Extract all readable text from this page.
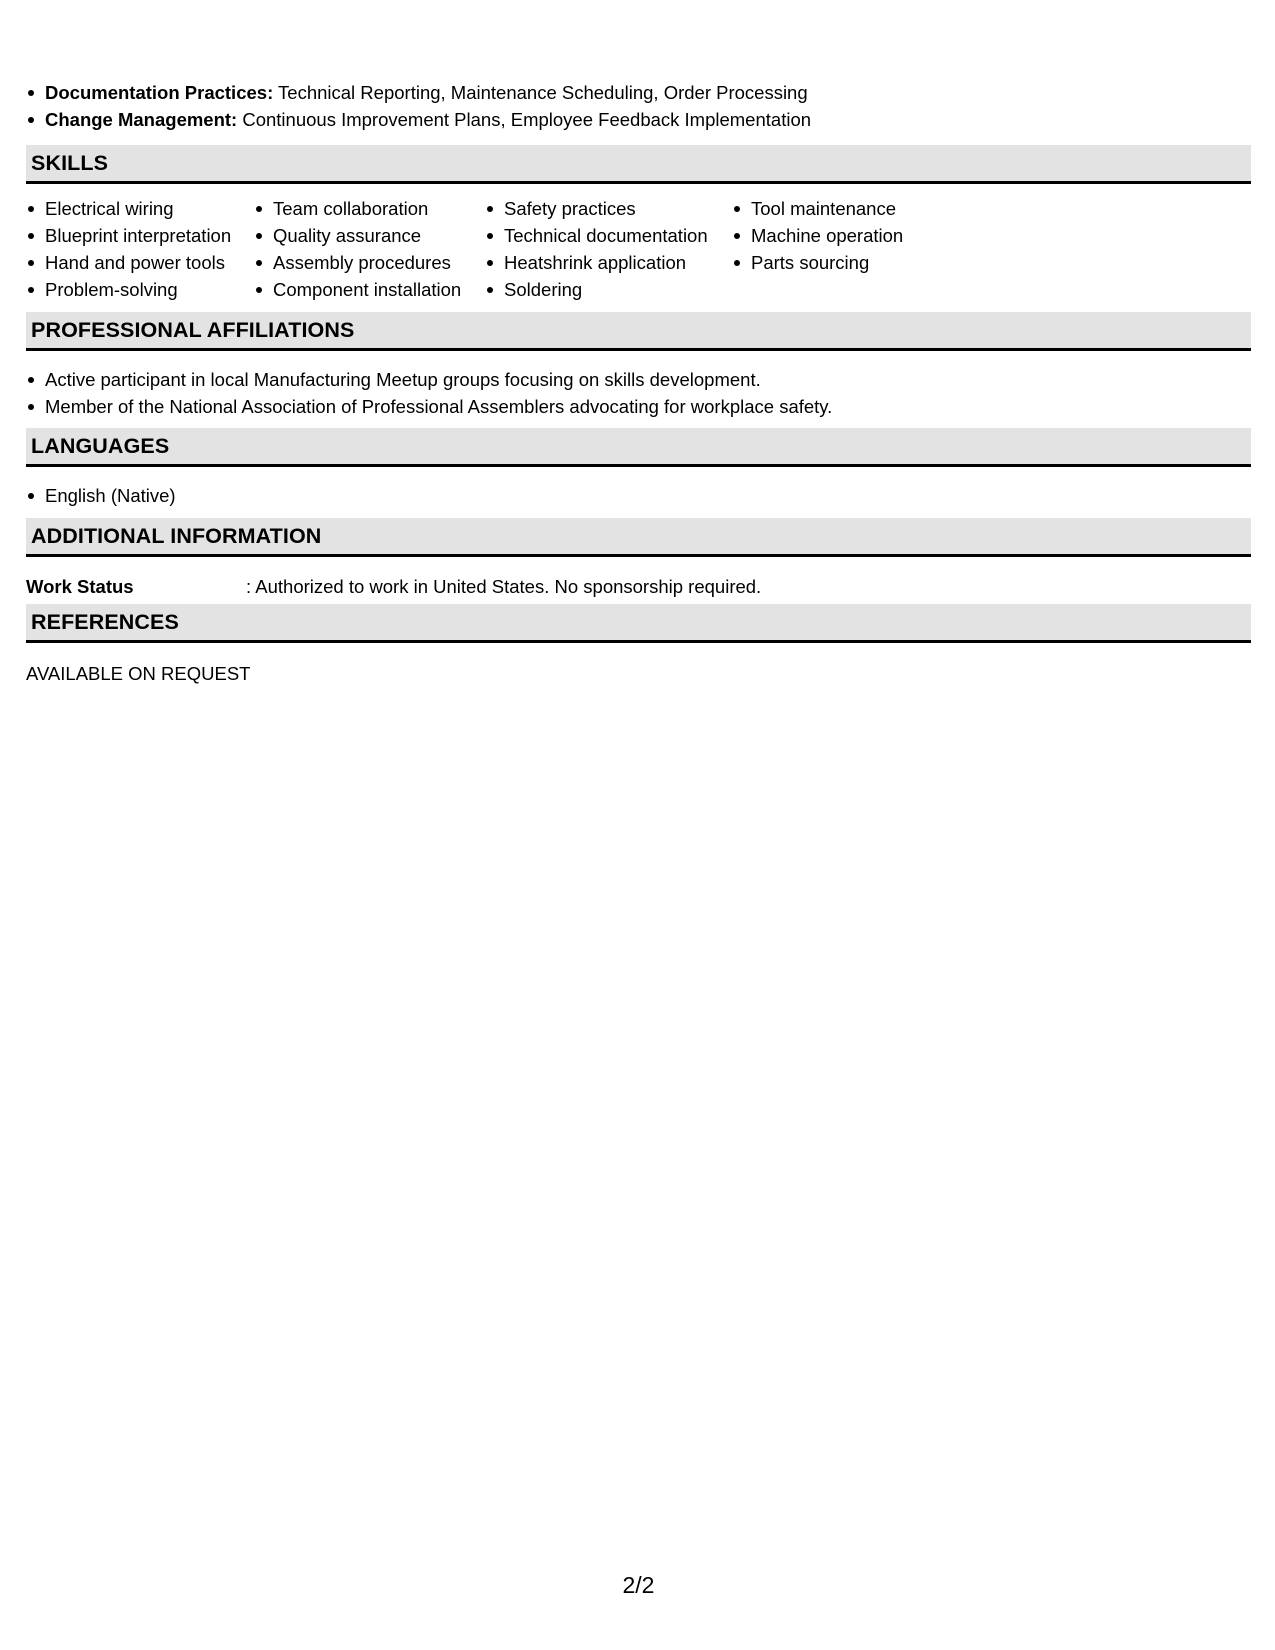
Documentation Practices: Technical Reporting, Maintenance Scheduling, Order Processing
Change Management: Continuous Improvement Plans, Employee Feedback Implementation
SKILLS
Electrical wiring
Blueprint interpretation
Hand and power tools
Problem-solving
Team collaboration
Quality assurance
Assembly procedures
Component installation
Safety practices
Technical documentation
Heatshrink application
Soldering
Tool maintenance
Machine operation
Parts sourcing
PROFESSIONAL AFFILIATIONS
Active participant in local Manufacturing Meetup groups focusing on skills development.
Member of the National Association of Professional Assemblers advocating for workplace safety.
LANGUAGES
English (Native)
ADDITIONAL INFORMATION
Work Status	: Authorized to work in United States. No sponsorship required.
REFERENCES
AVAILABLE ON REQUEST
2/2
